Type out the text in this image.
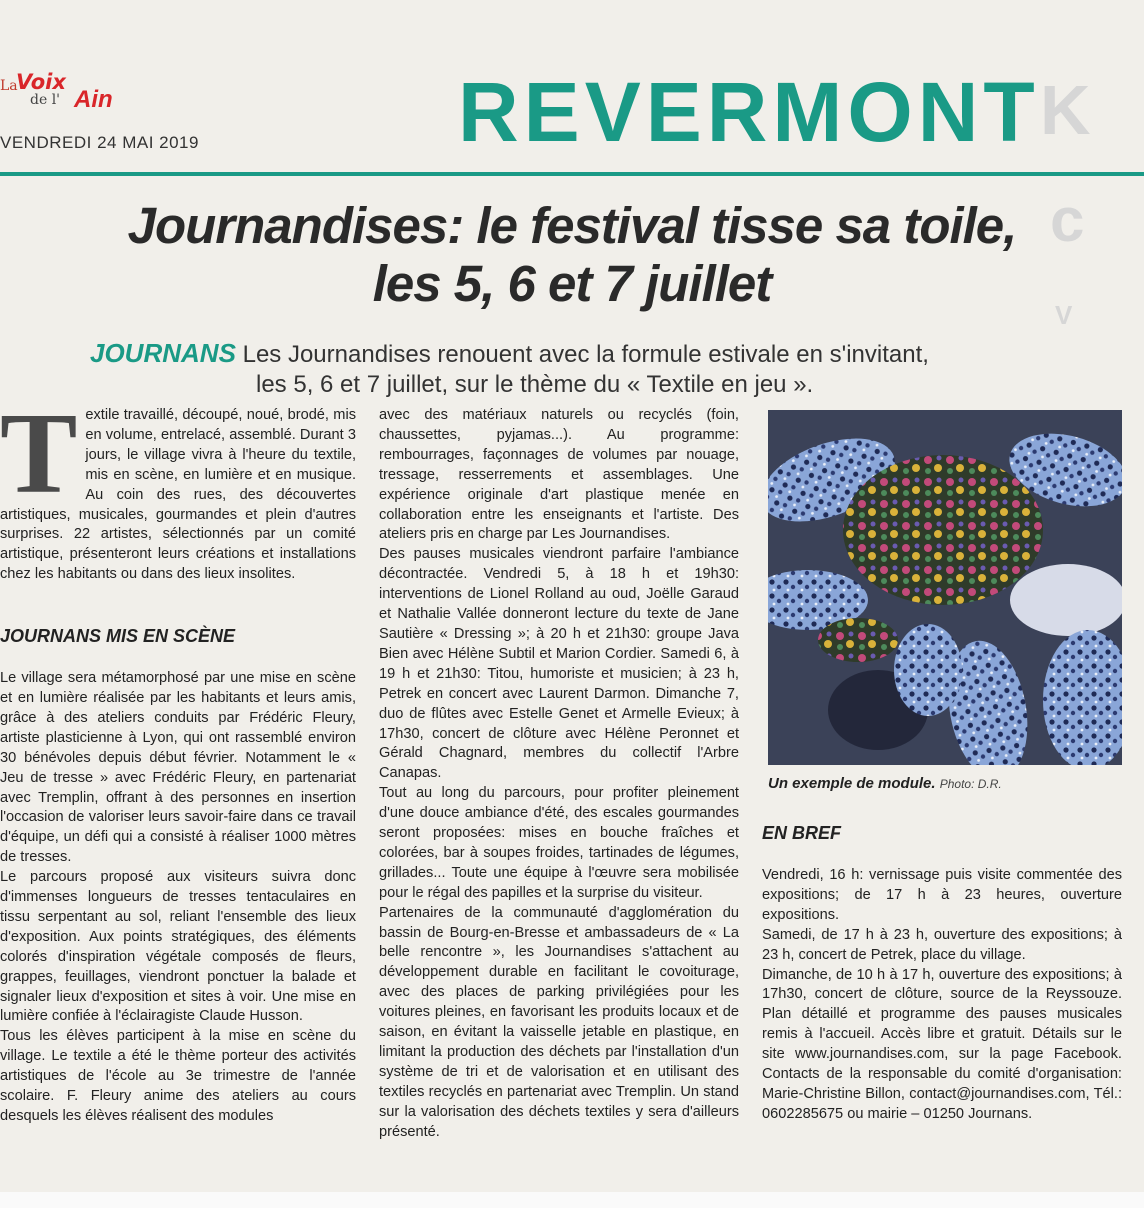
La
Voix
de l' Ain
VENDREDI 24 MAI 2019	REVERMONT K
c
V
Journandises: le festival tisse sa toile,
les 5, 6 et 7 juillet
JOURNANS Les Journandises renouent avec la formule estivale en s'invitant,
les 5, 6 et 7 juillet, sur le thème du « Textile en jeu ».

Textile travaillé, découpé, noué, brodé, mis en volume, entrelacé, assemblé. Durant 3 jours, le village vivra à l'heure du textile, mis en scène, en lumière et en musique. Au coin des rues, des découvertes artistiques, musicales, gourmandes et plein d'autres surprises. 22 artistes, sélectionnés par un comité artistique, présenteront leurs créations et installations chez les habitants ou dans des lieux insolites.

JOURNANS MIS EN SCÈNE

Le village sera métamorphosé par une mise en scène et en lumière réalisée par les habitants et leurs amis, grâce à des ateliers conduits par Frédéric Fleury, artiste plasticienne à Lyon, qui ont rassemblé environ 30 bénévoles depuis début février. Notamment le « Jeu de tresse » avec Frédéric Fleury, en partenariat avec Tremplin, offrant à des personnes en insertion l'occasion de valoriser leurs savoir-faire dans ce travail d'équipe, un défi qui a consisté à réaliser 1000 mètres de tresses.

Le parcours proposé aux visiteurs suivra donc d'immenses longueurs de tresses tentaculaires en tissu serpentant au sol, reliant l'ensemble des lieux d'exposition. Aux points stratégiques, des éléments colorés d'inspiration végétale composés de fleurs, grappes, feuillages, viendront ponctuer la balade et signaler lieux d'exposition et sites à voir. Une mise en lumière confiée à l'éclairagiste Claude Husson.

Tous les élèves participent à la mise en scène du village. Le textile a été le thème porteur des activités artistiques de l'école au 3e trimestre de l'année scolaire. F. Fleury anime des ateliers au cours desquels les élèves réalisent des modules

avec des matériaux naturels ou recyclés (foin, chaussettes, pyjamas...). Au programme: rembourrages, façonnages de volumes par nouage, tressage, resserrements et assemblages. Une expérience originale d'art plastique menée en collaboration entre les enseignants et l'artiste. Des ateliers pris en charge par Les Journandises.

Des pauses musicales viendront parfaire l'ambiance décontractée. Vendredi 5, à 18 h et 19h30: interventions de Lionel Rolland au oud, Joëlle Garaud et Nathalie Vallée donneront lecture du texte de Jane Sautière « Dressing »; à 20 h et 21h30: groupe Java Bien avec Hélène Subtil et Marion Cordier. Samedi 6, à 19 h et 21h30: Titou, humoriste et musicien; à 23 h, Petrek en concert avec Laurent Darmon. Dimanche 7, duo de flûtes avec Estelle Genet et Armelle Evieux; à 17h30, concert de clôture avec Hélène Peronnet et Gérald Chagnard, membres du collectif l'Arbre Canapas.

Tout au long du parcours, pour profiter pleinement d'une douce ambiance d'été, des escales gourmandes seront proposées: mises en bouche fraîches et colorées, bar à soupes froides, tartinades de légumes, grillades... Toute une équipe à l'œuvre sera mobilisée pour le régal des papilles et la surprise du visiteur.

Partenaires de la communauté d'agglomération du bassin de Bourg-en-Bresse et ambassadeurs de « La belle rencontre », les Journandises s'attachent au développement durable en facilitant le covoiturage, avec des places de parking privilégiées pour les voitures pleines, en favorisant les produits locaux et de saison, en évitant la vaisselle jetable en plastique, en limitant la production des déchets par l'installation d'un système de tri et de valorisation et en utilisant des textiles recyclés en partenariat avec Tremplin. Un stand sur la valorisation des déchets textiles y sera d'ailleurs présenté.

Un exemple de module. Photo: D.R.
EN BREF

Vendredi, 16 h: vernissage puis visite commentée des expositions; de 17 h à 23 heures, ouverture expositions.

Samedi, de 17 h à 23 h, ouverture des expositions; à 23 h, concert de Petrek, place du village.

Dimanche, de 10 h à 17 h, ouverture des expositions; à 17h30, concert de clôture, source de la Reyssouze. Plan détaillé et programme des pauses musicales remis à l'accueil. Accès libre et gratuit. Détails sur le site www.journandises.com, sur la page Facebook. Contacts de la responsable du comité d'organisation: Marie-Christine Billon, contact@journandises.com, Tél.: 0602285675 ou mairie – 01250 Journans.
